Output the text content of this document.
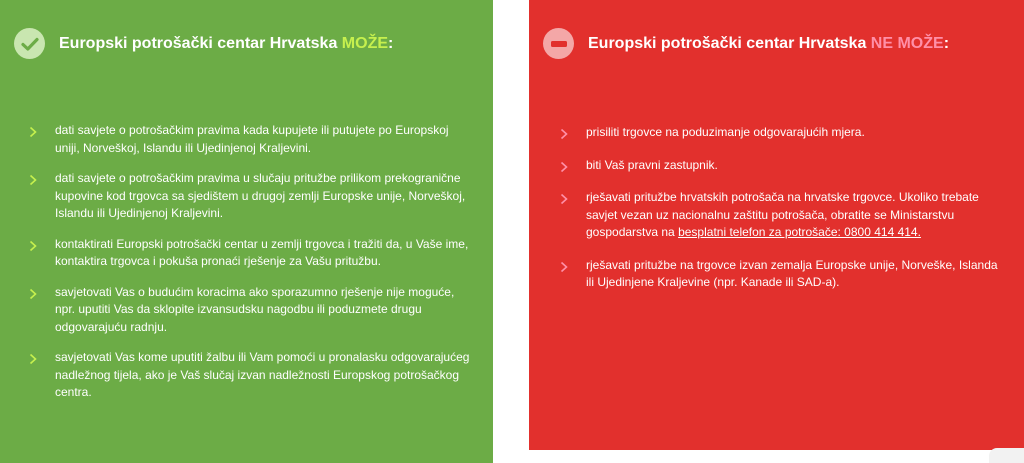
Europski potrošački centar Hrvatska MOŽE:
dati savjete o potrošačkim pravima kada kupujete ili putujete po Europskoj uniji, Norveškoj, Islandu ili Ujedinjenoj Kraljevini.
dati savjete o potrošačkim pravima u slučaju pritužbe prilikom prekogranične kupovine kod trgovca sa sjedištem u drugoj zemlji Europske unije, Norveškoj, Islandu ili Ujedinjenoj Kraljevini.
kontaktirati Europski potrošački centar u zemlji trgovca i tražiti da, u Vaše ime, kontaktira trgovca i pokuša pronaći rješenje za Vašu pritužbu.
savjetovati Vas o budućim koracima ako sporazumno rješenje nije moguće, npr. uputiti Vas da sklopite izvansudsku nagodbu ili poduzmete drugu odgovarajuću radnju.
savjetovati Vas kome uputiti žalbu ili Vam pomoći u pronalasku odgovarajućeg nadležnog tijela, ako je Vaš slučaj izvan nadležnosti Europskog potrošačkog centra.
Europski potrošački centar Hrvatska NE MOŽE:
prisiliti trgovce na poduzimanje odgovarajućih mjera.
biti Vaš pravni zastupnik.
rješavati pritužbe hrvatskih potrošača na hrvatske trgovce. Ukoliko trebate savjet vezan uz nacionalnu zaštitu potrošača, obratite se Ministarstvu gospodarstva na besplatni telefon za potrošače: 0800 414 414.
rješavati pritužbe na trgovce izvan zemalja Europske unije, Norveške, Islanda ili Ujedinjene Kraljevine (npr. Kanade ili SAD-a).
